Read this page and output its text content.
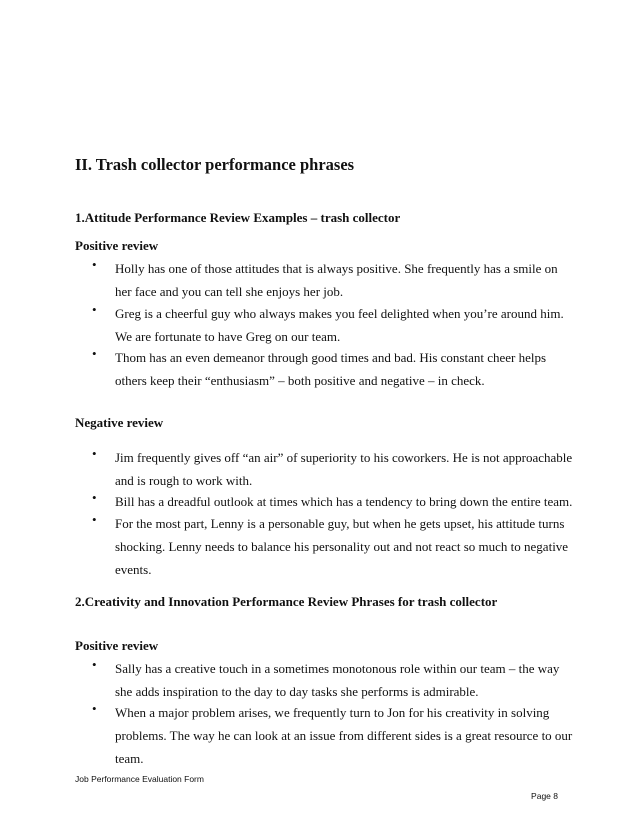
II. Trash collector performance phrases
1.Attitude Performance Review Examples – trash collector
Positive review
• Holly has one of those attitudes that is always positive. She frequently has a smile on her face and you can tell she enjoys her job.
• Greg is a cheerful guy who always makes you feel delighted when you’re around him. We are fortunate to have Greg on our team.
• Thom has an even demeanor through good times and bad. His constant cheer helps others keep their “enthusiasm” – both positive and negative – in check.
Negative review
• Jim frequently gives off “an air” of superiority to his coworkers. He is not approachable and is rough to work with.
• Bill has a dreadful outlook at times which has a tendency to bring down the entire team.
• For the most part, Lenny is a personable guy, but when he gets upset, his attitude turns shocking. Lenny needs to balance his personality out and not react so much to negative events.
2.Creativity and Innovation Performance Review Phrases for trash collector
Positive review
• Sally has a creative touch in a sometimes monotonous role within our team – the way she adds inspiration to the day to day tasks she performs is admirable.
• When a major problem arises, we frequently turn to Jon for his creativity in solving problems. The way he can look at an issue from different sides is a great resource to our team.
Job Performance Evaluation Form
Page 8
